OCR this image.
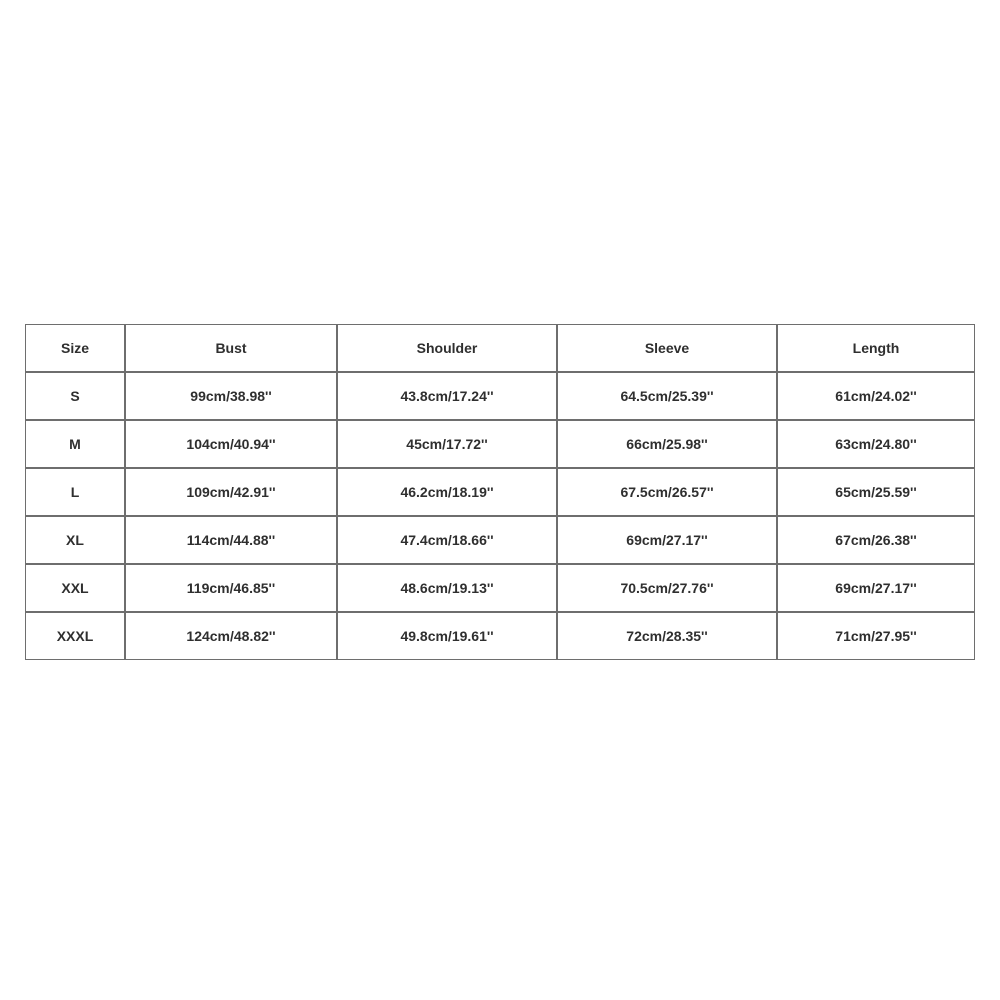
Size	Bust	Shoulder	Sleeve	Length
S	99cm/38.98''	43.8cm/17.24''	64.5cm/25.39''	61cm/24.02''
M	104cm/40.94''	45cm/17.72''	66cm/25.98''	63cm/24.80''
L	109cm/42.91''	46.2cm/18.19''	67.5cm/26.57''	65cm/25.59''
XL	114cm/44.88''	47.4cm/18.66''	69cm/27.17''	67cm/26.38''
XXL	119cm/46.85''	48.6cm/19.13''	70.5cm/27.76''	69cm/27.17''
XXXL	124cm/48.82''	49.8cm/19.61''	72cm/28.35''	71cm/27.95''
